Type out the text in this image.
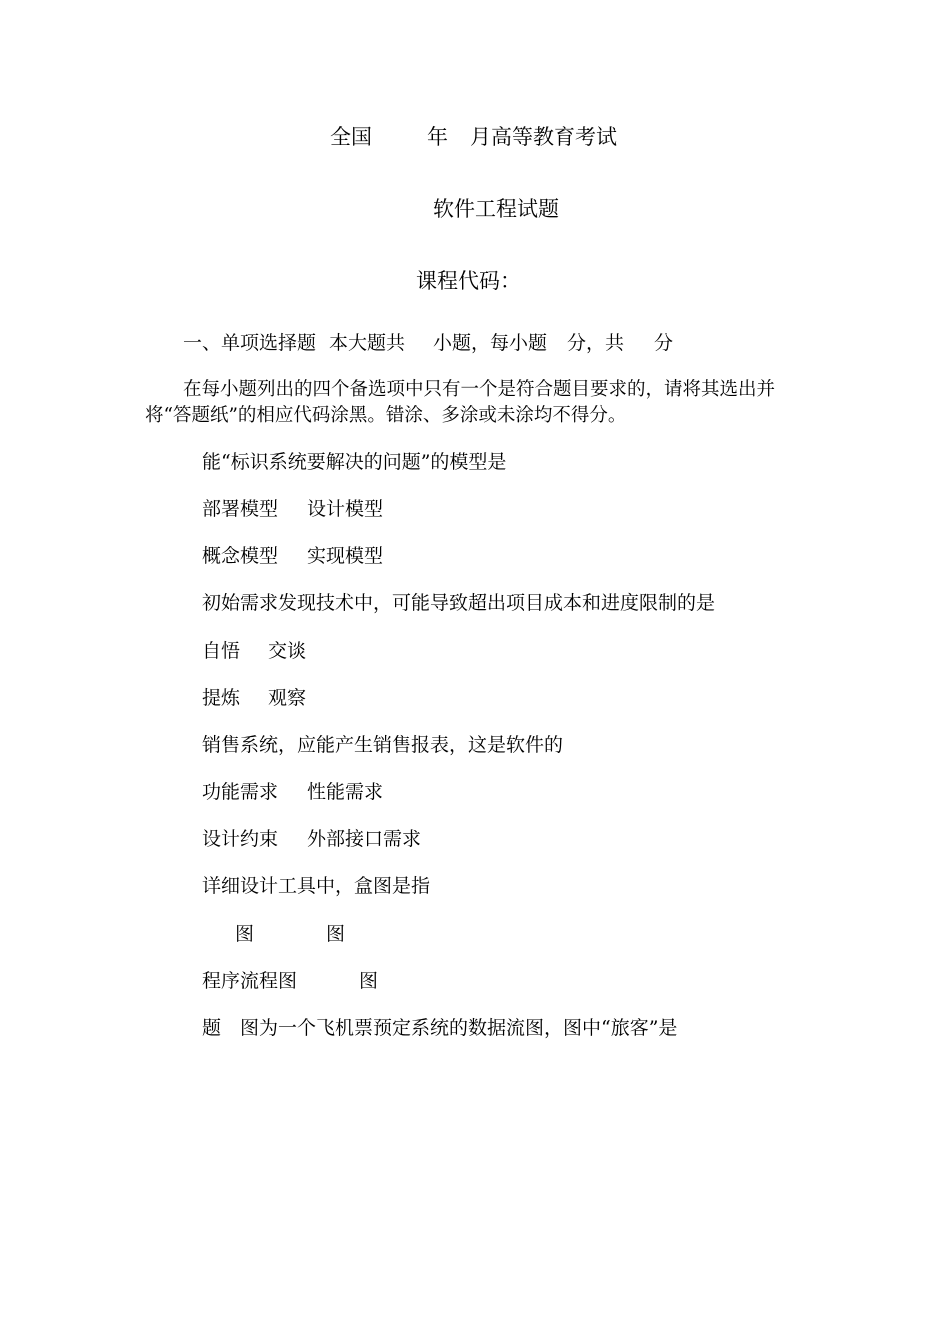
全国	年 月高等教育考试
软件工程试题
课程代码：
一、单项选择题 本大题共 小题，每小题 分，共 分
在每小题列出的四个备选项中只有一个是符合题目要求的，请将其选出并
将“答题纸”的相应代码涂黑。错涂、多涂或未涂均不得分。
能“标识系统要解决的问题”的模型是
部署模型 设计模型
概念模型 实现模型
初始需求发现技术中，可能导致超出项目成本和进度限制的是
自悟 交谈
提炼 观察
销售系统，应能产生销售报表，这是软件的
功能需求 性能需求
设计约束 外部接口需求
详细设计工具中，盒图是指
图	图
程序流程图	图
题 图为一个飞机票预定系统的数据流图，图中“旅客”是
